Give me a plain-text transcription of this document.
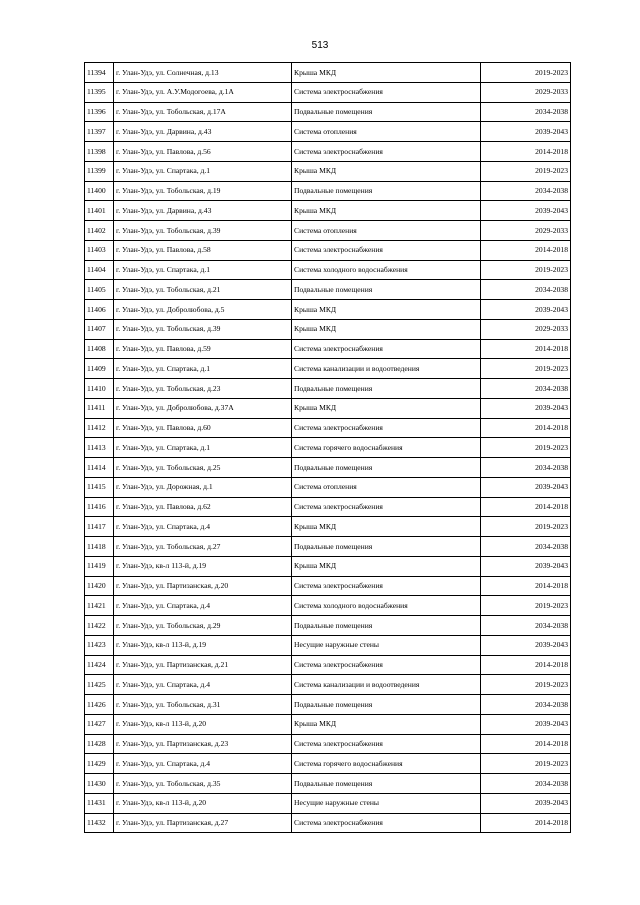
513
11394	г. Улан-Удэ, ул. Солнечная, д.13	Крыша МКД	2019-2023
11395	г. Улан-Удэ, ул. А.У.Модогоева, д.1А	Система электроснабжения	2029-2033
11396	г. Улан-Удэ, ул. Тобольская, д.17А	Подвальные помещения	2034-2038
11397	г. Улан-Удэ, ул. Дарвина, д.43	Система отопления	2039-2043
11398	г. Улан-Удэ, ул. Павлова, д.56	Система электроснабжения	2014-2018
11399	г. Улан-Удэ, ул. Спартака, д.1	Крыша МКД	2019-2023
11400	г. Улан-Удэ, ул. Тобольская, д.19	Подвальные помещения	2034-2038
11401	г. Улан-Удэ, ул. Дарвина, д.43	Крыша МКД	2039-2043
11402	г. Улан-Удэ, ул. Тобольская, д.39	Система отопления	2029-2033
11403	г. Улан-Удэ, ул. Павлова, д.58	Система электроснабжения	2014-2018
11404	г. Улан-Удэ, ул. Спартака, д.1	Система холодного водоснабжения	2019-2023
11405	г. Улан-Удэ, ул. Тобольская, д.21	Подвальные помещения	2034-2038
11406	г. Улан-Удэ, ул. Добролюбова, д.5	Крыша МКД	2039-2043
11407	г. Улан-Удэ, ул. Тобольская, д.39	Крыша МКД	2029-2033
11408	г. Улан-Удэ, ул. Павлова, д.59	Система электроснабжения	2014-2018
11409	г. Улан-Удэ, ул. Спартака, д.1	Система канализации и водоотведения	2019-2023
11410	г. Улан-Удэ, ул. Тобольская, д.23	Подвальные помещения	2034-2038
11411	г. Улан-Удэ, ул. Добролюбова, д.37А	Крыша МКД	2039-2043
11412	г. Улан-Удэ, ул. Павлова, д.60	Система электроснабжения	2014-2018
11413	г. Улан-Удэ, ул. Спартака, д.1	Система горячего водоснабжения	2019-2023
11414	г. Улан-Удэ, ул. Тобольская, д.25	Подвальные помещения	2034-2038
11415	г. Улан-Удэ, ул. Дорожная, д.1	Система отопления	2039-2043
11416	г. Улан-Удэ, ул. Павлова, д.62	Система электроснабжения	2014-2018
11417	г. Улан-Удэ, ул. Спартака, д.4	Крыша МКД	2019-2023
11418	г. Улан-Удэ, ул. Тобольская, д.27	Подвальные помещения	2034-2038
11419	г. Улан-Удэ, кв-л 113-й, д.19	Крыша МКД	2039-2043
11420	г. Улан-Удэ, ул. Партизанская, д.20	Система электроснабжения	2014-2018
11421	г. Улан-Удэ, ул. Спартака, д.4	Система холодного водоснабжения	2019-2023
11422	г. Улан-Удэ, ул. Тобольская, д.29	Подвальные помещения	2034-2038
11423	г. Улан-Удэ, кв-л 113-й, д.19	Несущие наружные стены	2039-2043
11424	г. Улан-Удэ, ул. Партизанская, д.21	Система электроснабжения	2014-2018
11425	г. Улан-Удэ, ул. Спартака, д.4	Система канализации и водоотведения	2019-2023
11426	г. Улан-Удэ, ул. Тобольская, д.31	Подвальные помещения	2034-2038
11427	г. Улан-Удэ, кв-л 113-й, д.20	Крыша МКД	2039-2043
11428	г. Улан-Удэ, ул. Партизанская, д.23	Система электроснабжения	2014-2018
11429	г. Улан-Удэ, ул. Спартака, д.4	Система горячего водоснабжения	2019-2023
11430	г. Улан-Удэ, ул. Тобольская, д.35	Подвальные помещения	2034-2038
11431	г. Улан-Удэ, кв-л 113-й, д.20	Несущие наружные стены	2039-2043
11432	г. Улан-Удэ, ул. Партизанская, д.27	Система электроснабжения	2014-2018
